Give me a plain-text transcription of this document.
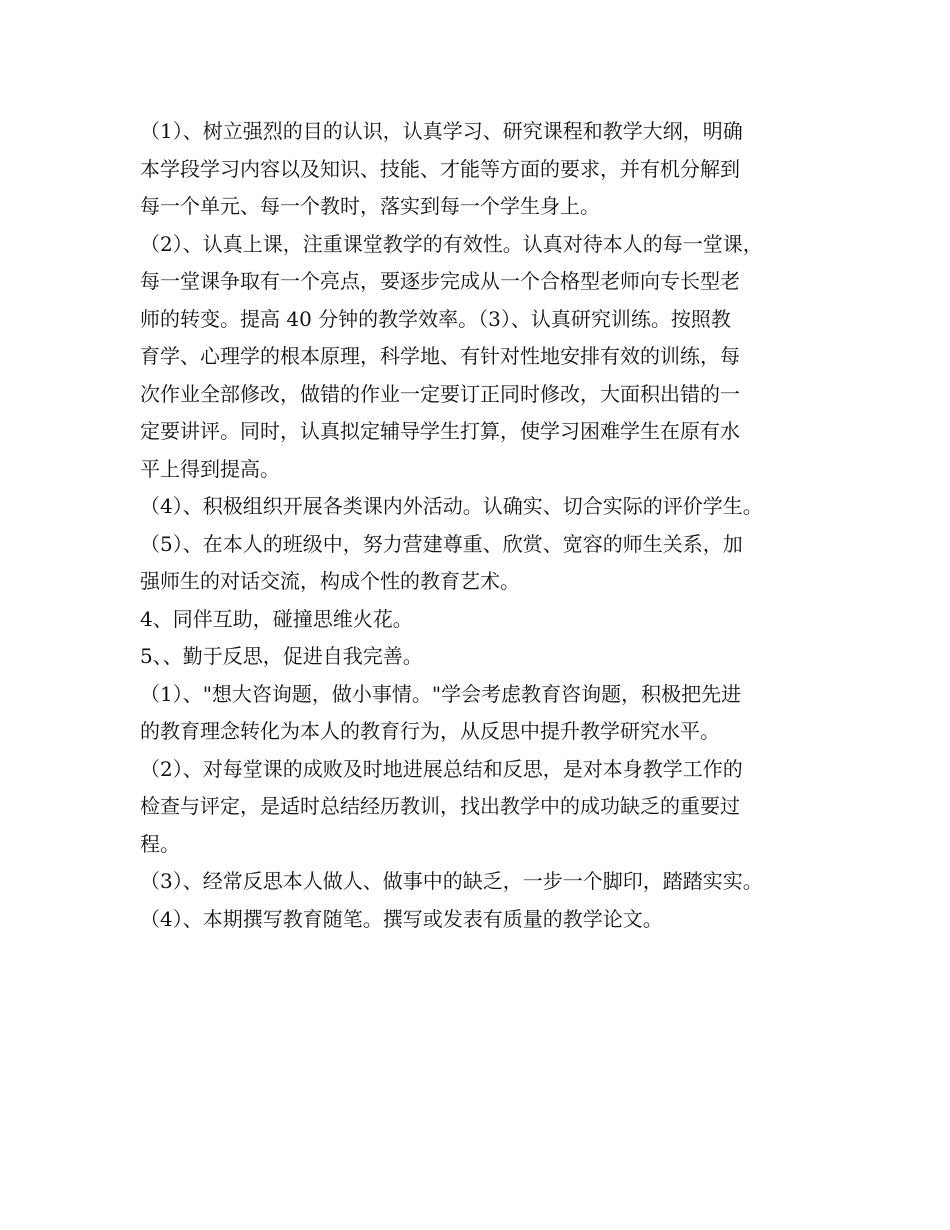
（1）、树立强烈的目的认识，认真学习、研究课程和教学大纲，明确
本学段学习内容以及知识、技能、才能等方面的要求，并有机分解到
每一个单元、每一个教时，落实到每一个学生身上。

（2）、认真上课，注重课堂教学的有效性。认真对待本人的每一堂课，
每一堂课争取有一个亮点，要逐步完成从一个合格型老师向专长型老
师的转变。提高 40 分钟的教学效率。（3）、认真研究训练。按照教
育学、心理学的根本原理，科学地、有针对性地安排有效的训练，每
次作业全部修改，做错的作业一定要订正同时修改，大面积出错的一
定要讲评。同时，认真拟定辅导学生打算，使学习困难学生在原有水
平上得到提高。

（4）、积极组织开展各类课内外活动。认确实、切合实际的评价学生。

（5）、在本人的班级中，努力营建尊重、欣赏、宽容的师生关系，加
强师生的对话交流，构成个性的教育艺术。

4、同伴互助，碰撞思维火花。

5、、勤于反思，促进自我完善。

（1）、"想大咨询题，做小事情。"学会考虑教育咨询题，积极把先进
的教育理念转化为本人的教育行为，从反思中提升教学研究水平。

（2）、对每堂课的成败及时地进展总结和反思，是对本身教学工作的
检查与评定，是适时总结经历教训，找出教学中的成功缺乏的重要过
程。

（3）、经常反思本人做人、做事中的缺乏，一步一个脚印，踏踏实实。

（4）、本期撰写教育随笔。撰写或发表有质量的教学论文。
